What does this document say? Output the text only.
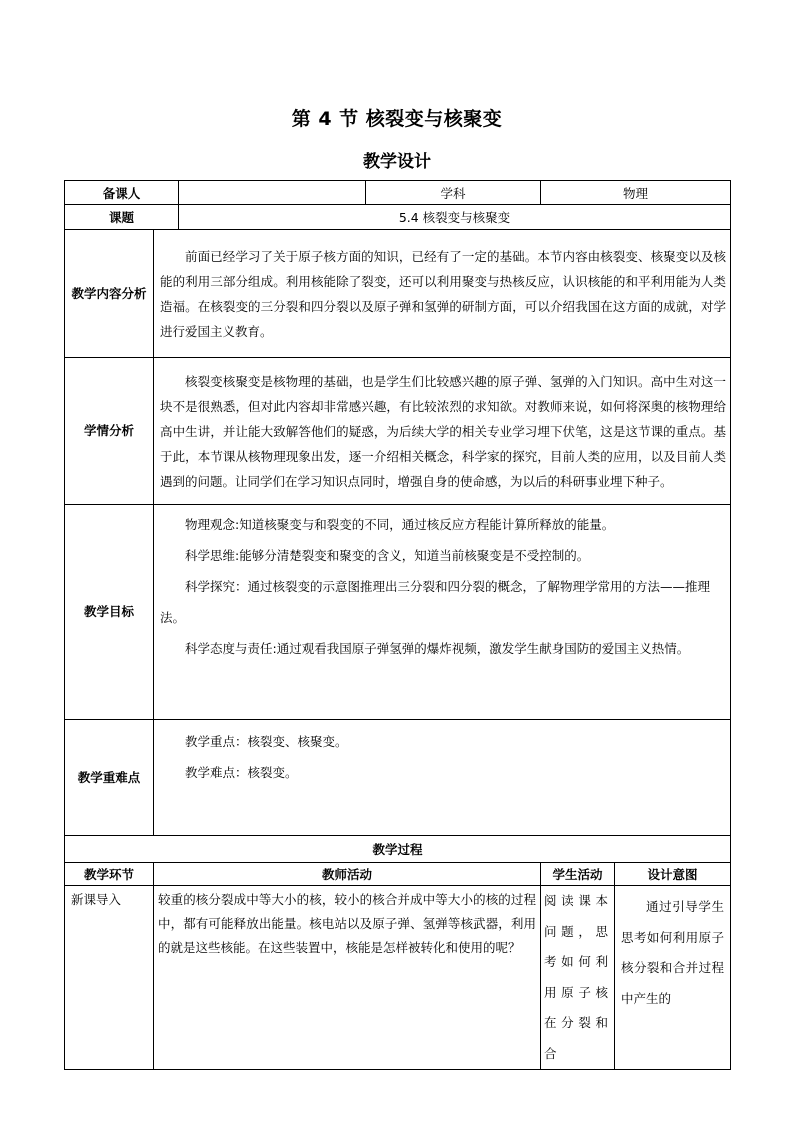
第 4 节 核裂变与核聚变
教学设计
备课人			学科	物理	
课题		5.4 核裂变与核聚变			

教学内容分析	前面已经学习了关于原子核方面的知识，已经有了一定的基础。本节内容由核裂变、核聚变以及核能的利用三部分组成。利用核能除了裂变，还可以利用聚变与热核反应，认识核能的和平利用能为人类造福。在核裂变的三分裂和四分裂以及原子弹和氢弹的研制方面，可以介绍我国在这方面的成就，对学进行爱国主义教育。				

学情分析	核裂变核聚变是核物理的基础，也是学生们比较感兴趣的原子弹、氢弹的入门知识。高中生对这一块不是很熟悉，但对此内容却非常感兴趣，有比较浓烈的求知欲。对教师来说，如何将深奥的核物理给高中生讲，并让能大致解答他们的疑惑，为后续大学的相关专业学习埋下伏笔，这是这节课的重点。基于此，本节课从核物理现象出发，逐一介绍相关概念，科学家的探究，目前人类的应用，以及目前人类遇到的问题。让同学们在学习知识点同时，增强自身的使命感，为以后的科研事业埋下种子。				

教学目标	物理观念:知道核聚变与和裂变的不同，通过核反应方程能计算所释放的能量。

科学思维:能够分清楚裂变和聚变的含义，知道当前核聚变是不受控制的。

科学探究：通过核裂变的示意图推理出三分裂和四分裂的概念，了解物理学常用的方法——推理法。

科学态度与责任:通过观看我国原子弹氢弹的爆炸视频，激发学生献身国防的爱国主义热情。				

教学重难点	教学重点：核裂变、核聚变。

教学难点：核裂变。				

教学过程					
教学环节	教师活动			学生活动	设计意图
新课导入	较重的核分裂成中等大小的核，较小的核合并成中等大小的核的过程中，都有可能释放出能量。核电站以及原子弹、氢弹等核武器，利用的就是这些核能。在这些装置中，核能是怎样被转化和使用的呢？			阅读课本问题，思考如何利用原子核在分裂和合	通过引导学生思考如何利用原子核分裂和合并过程中产生的
